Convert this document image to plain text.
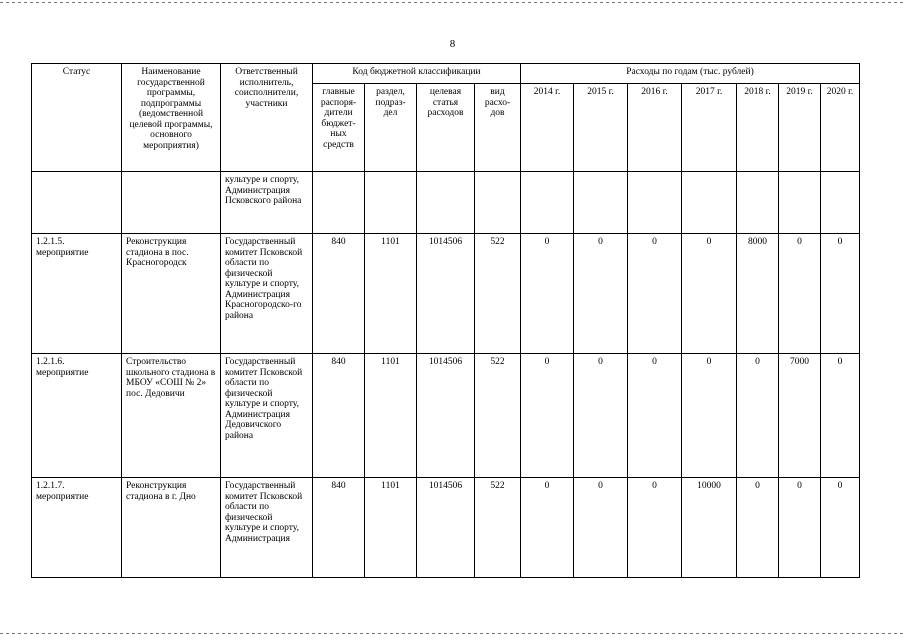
8
Статус	Наименование государственной программы, подпрограммы (ведомственной целевой программы, основного мероприятия)	Ответственный исполнитель, соисполнители, участники	Код бюджетной классификации				Расходы по годам (тыс. рублей)						
			главные распоря-дители бюджет-ных средств	раздел, подраз-дел	целевая статья расходов	вид расхо-дов	2014 г.	2015 г.	2016 г.	2017 г.	2018 г.	2019 г.	2020 г.
		культуре и спорту, Администрация Псковского района											
1.2.1.5. мероприятие	Реконструкция стадиона в пос. Красногородск	Государственный комитет Псковской области по физической культуре и спорту, Администрация Красногородско-го района	840	1101	1014506	522	0	0	0	0	8000	0	0
1.2.1.6. мероприятие	Строительство школьного стадиона в МБОУ «СОШ № 2» пос. Дедовичи	Государственный комитет Псковской области по физической культуре и спорту, Администрация Дедовичского района	840	1101	1014506	522	0	0	0	0	0	7000	0
1.2.1.7. мероприятие	Реконструкция стадиона в г. Дно	Государственный комитет Псковской области по физической культуре и спорту, Администрация	840	1101	1014506	522	0	0	0	10000	0	0	0
